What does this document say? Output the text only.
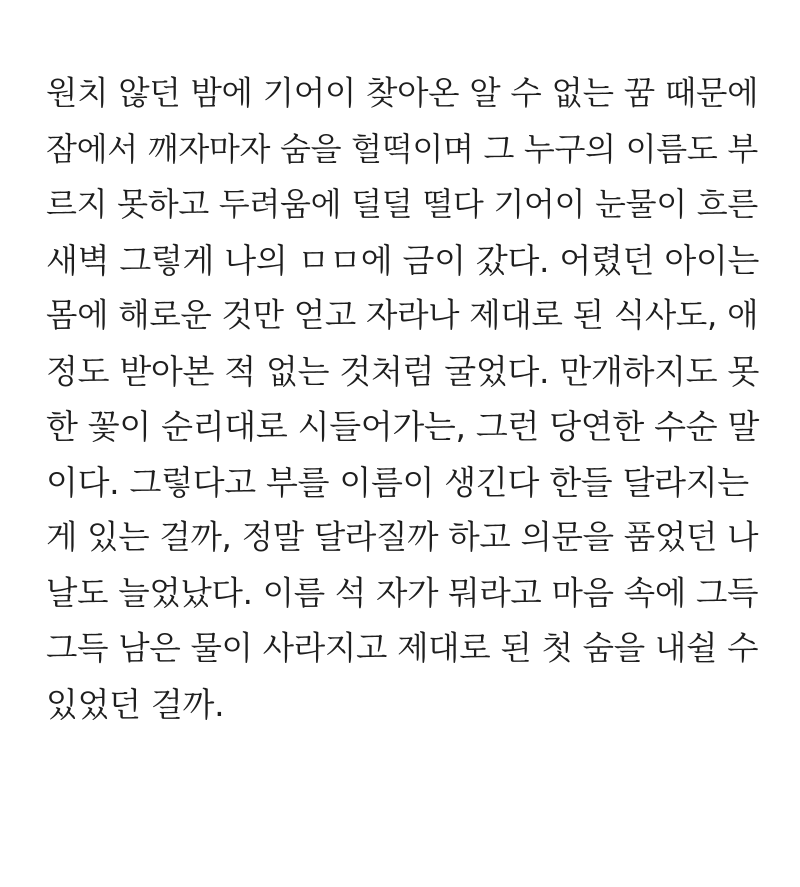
원치 않던 밤에 기어이 찾아온 알 수 없는 꿈 때문에
잠에서 깨자마자 숨을 헐떡이며 그 누구의 이름도 부
르지 못하고 두려움에 덜덜 떨다 기어이 눈물이 흐른
새벽 그렇게 나의 ㅁㅁ에 금이 갔다. 어렸던 아이는
몸에 해로운 것만 얻고 자라나 제대로 된 식사도, 애
정도 받아본 적 없는 것처럼 굴었다. 만개하지도 못
한 꽃이 순리대로 시들어가는, 그런 당연한 수순 말
이다. 그렇다고 부를 이름이 생긴다 한들 달라지는
게 있는 걸까, 정말 달라질까 하고 의문을 품었던 나
날도 늘었났다. 이름 석 자가 뭐라고 마음 속에 그득
그득 남은 물이 사라지고 제대로 된 첫 숨을 내쉴 수
있었던 걸까.
